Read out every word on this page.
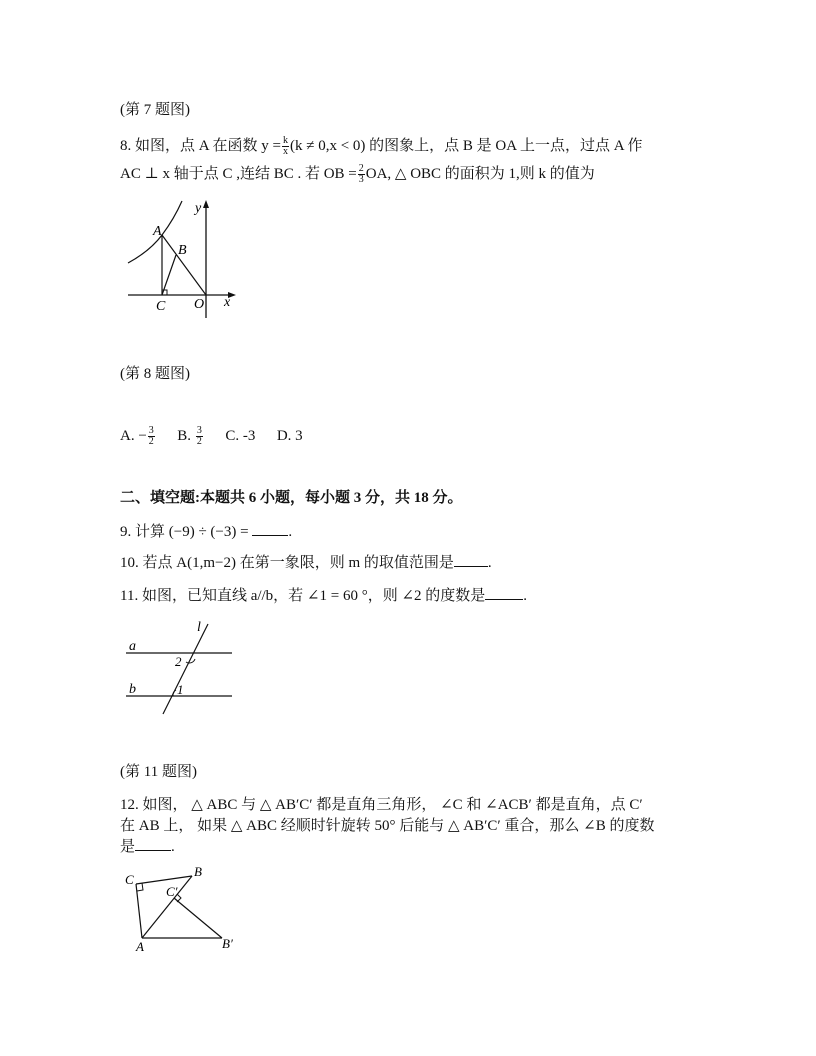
(第 7 题图)
8. 如图，点 A 在函数 $y = \frac{k}{x} (k \ne 0,x < 0)$ 的图象上，点 B 是 OA 上一点，过点 A 作
AC ⊥ x 轴于点 C ,连结 BC . 若 OB = $\frac{2}{3}$ OA, △ OBC 的面积为 1,则 k 的值为
y
A
B
C O x
(第 8 题图)
A. − $\frac{3}{2} B$. $\frac{3}{2} C$. -3 D. 3
二、填空题:本题共 6 小题，每小题 3 分，共 18 分。
9. 计算 (−9) ÷ (−3) =	.
10. 若点 A(1,m−2) 在第一象限，则 m 的取值范围是 .
11. 如图，已知直线 a//b，若 ∠1 = 60 °，则 ∠2 的度数是	.
l
a
b
2
1
(第 11 题图)
12. 如图， △ ABC 与 △ AB′C′ 都是直角三角形， ∠C 和 ∠ACB′ 都是直角，点 C′
在 AB 上， 如果 △ ABC 经顺时针旋转 50° 后能与 △ AB′C′ 重合，那么 ∠B 的度数
是 .
C
B
C′
A	B′
